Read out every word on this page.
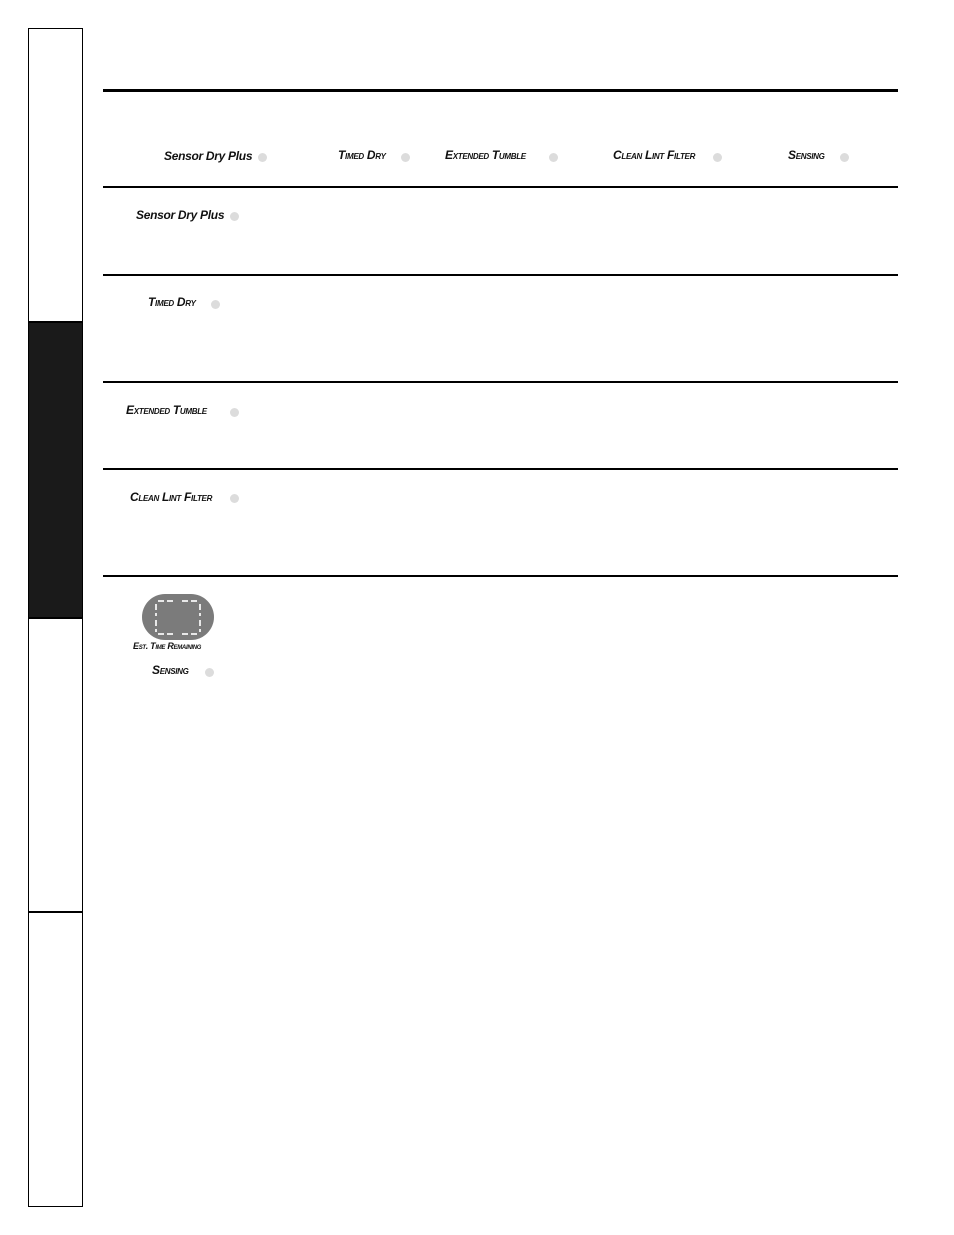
Sensor Dry Plus	Timed Dry	Extended Tumble	Clean Lint Filter	Sensing
Sensor Dry Plus
Timed Dry
Extended Tumble
Clean Lint Filter
Est. Time Remaining
Sensing
